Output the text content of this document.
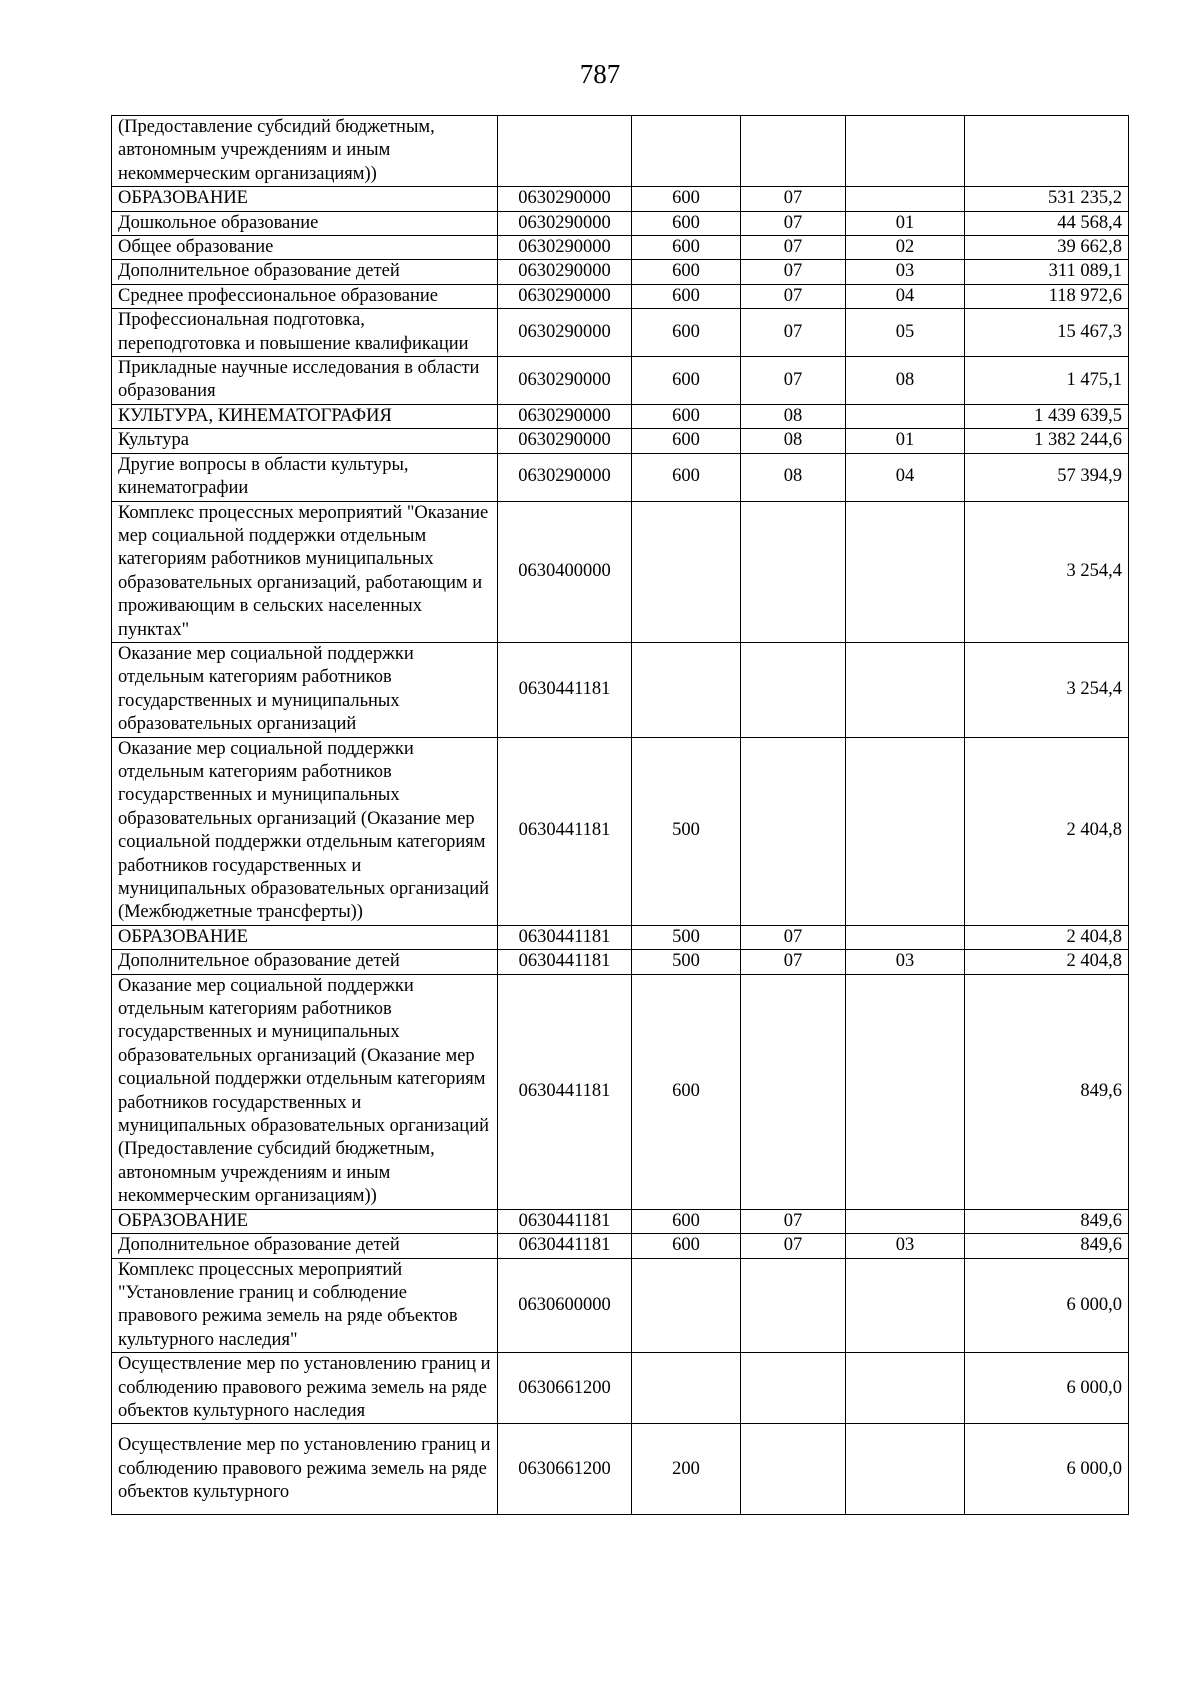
787
(Предоставление субсидий бюджетным, автономным учреждениям и иным некоммерческим организациям))					
ОБРАЗОВАНИЕ	0630290000	600	07		531 235,2
Дошкольное образование	0630290000	600	07	01	44 568,4
Общее образование	0630290000	600	07	02	39 662,8
Дополнительное образование детей	0630290000	600	07	03	311 089,1
Среднее профессиональное образование	0630290000	600	07	04	118 972,6
Профессиональная подготовка, переподготовка и повышение квалификации	0630290000	600	07	05	15 467,3
Прикладные научные исследования в области образования	0630290000	600	07	08	1 475,1
КУЛЬТУРА, КИНЕМАТОГРАФИЯ	0630290000	600	08		1 439 639,5
Культура	0630290000	600	08	01	1 382 244,6
Другие вопросы в области культуры, кинематографии	0630290000	600	08	04	57 394,9
Комплекс процессных мероприятий "Оказание мер социальной поддержки отдельным категориям работников муниципальных образовательных организаций, работающим и проживающим в сельских населенных пунктах"	0630400000				3 254,4
Оказание мер социальной поддержки отдельным категориям работников государственных и муниципальных образовательных организаций	0630441181				3 254,4
Оказание мер социальной поддержки отдельным категориям работников государственных и муниципальных образовательных организаций (Оказание мер социальной поддержки отдельным категориям работников государственных и муниципальных образовательных организаций (Межбюджетные трансферты))	0630441181	500			2 404,8
ОБРАЗОВАНИЕ	0630441181	500	07		2 404,8
Дополнительное образование детей	0630441181	500	07	03	2 404,8
Оказание мер социальной поддержки отдельным категориям работников государственных и муниципальных образовательных организаций (Оказание мер социальной поддержки отдельным категориям работников государственных и муниципальных образовательных организаций (Предоставление субсидий бюджетным, автономным учреждениям и иным некоммерческим организациям))	0630441181	600			849,6
ОБРАЗОВАНИЕ	0630441181	600	07		849,6
Дополнительное образование детей	0630441181	600	07	03	849,6
Комплекс процессных мероприятий "Установление границ и соблюдение правового режима земель на ряде объектов культурного наследия"	0630600000				6 000,0
Осуществление мер по установлению границ и соблюдению правового режима земель на ряде объектов культурного наследия	0630661200				6 000,0
Осуществление мер по установлению границ и соблюдению правового режима земель на ряде объектов культурного	0630661200	200			6 000,0
